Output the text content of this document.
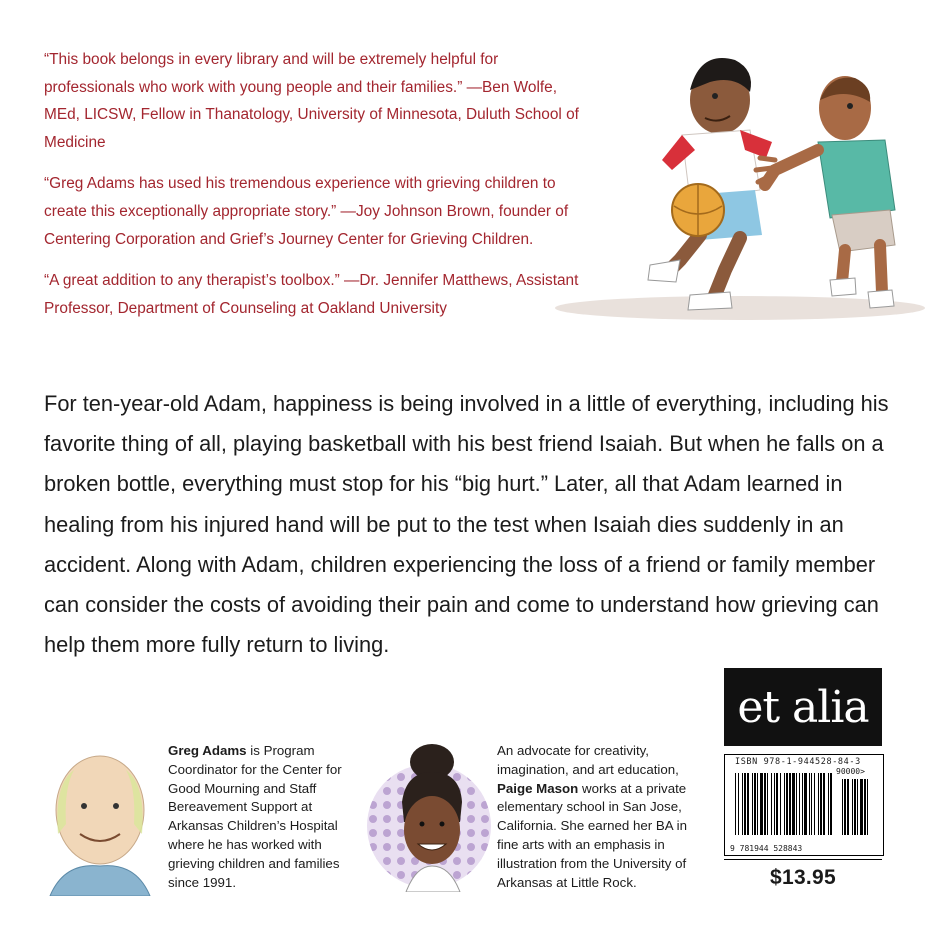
“This book belongs in every library and will be extremely helpful for professionals who work with young people and their families.” —Ben Wolfe, MEd, LICSW, Fellow in Thanatology, University of Minnesota, Duluth School of Medicine

“Greg Adams has used his tremendous experience with grieving children to create this exceptionally appropriate story.” —Joy Johnson Brown, founder of Centering Corporation and Grief’s Journey Center for Grieving Children.

“A great addition to any therapist’s toolbox.” —Dr. Jennifer Matthews, Assistant Professor, Department of Counseling at Oakland University

For ten-year-old Adam, happiness is being involved in a little of everything, including his favorite thing of all, playing basketball with his best friend Isaiah. But when he falls on a broken bottle, everything must stop for his “big hurt.” Later, all that Adam learned in healing from his injured hand will be put to the test when Isaiah dies suddenly in an accident. Along with Adam, children experiencing the loss of a friend or family member can consider the costs of avoiding their pain and come to understand how grieving can help them more fully return to living.
Greg Adams is Program Coordinator for the Center for Good Mourning and Staff Bereavement Support at Arkansas Children’s Hospital where he has worked with grieving children and families since 1991.
An advocate for creativity, imagination, and art education, Paige Mason works at a private elementary school in San Jose, California. She earned her BA in fine arts with an emphasis in illustration from the University of Arkansas at Little Rock.
et alia
ISBN 978-1-944528-84-3
90000>
9 781944 528843
$13.95
